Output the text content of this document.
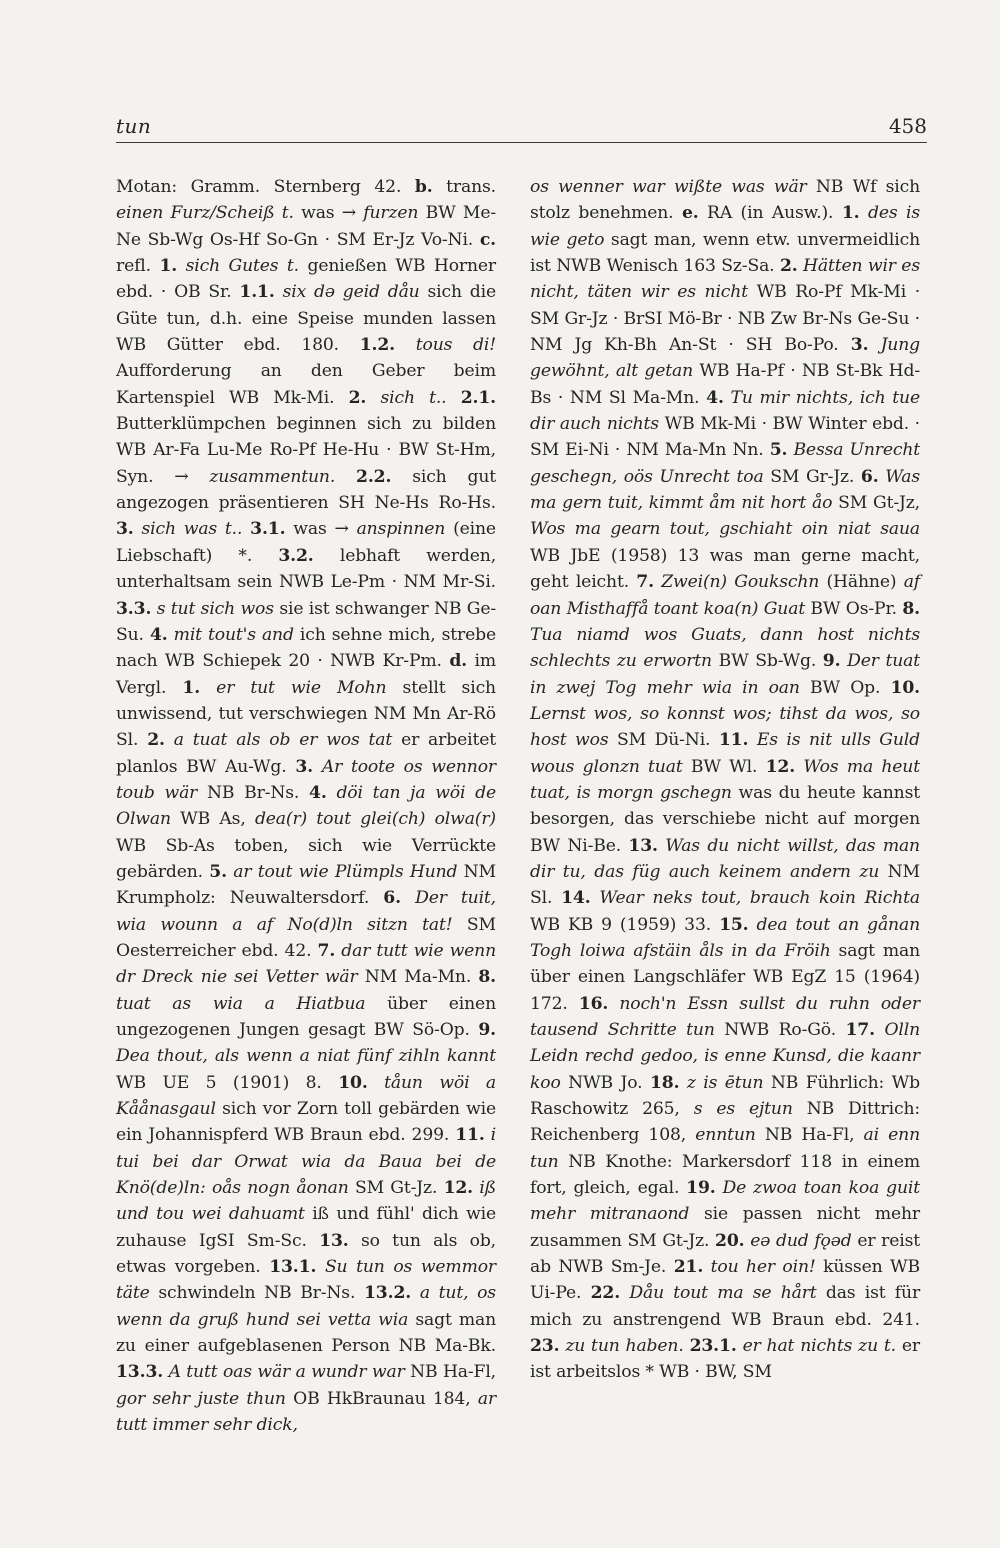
tun	458

Motan: Gramm. Sternberg 42. b. trans. einen Furz/Scheiß t. was → furzen BW Me-Ne Sb-Wg Os-Hf So-Gn · SM Er-Jz Vo-Ni. c. refl. 1. sich Gutes t. genießen WB Horner ebd. · OB Sr. 1.1. six də geid dåu sich die Güte tun, d.h. eine Speise munden lassen WB Gütter ebd. 180. 1.2. tous di! Aufforderung an den Geber beim Kartenspiel WB Mk-Mi. 2. sich t.. 2.1. Butterklümpchen beginnen sich zu bilden WB Ar-Fa Lu-Me Ro-Pf He-Hu · BW St-Hm, Syn. → zusammentun. 2.2. sich gut angezogen präsentieren SH Ne-Hs Ro-Hs. 3. sich was t.. 3.1. was → anspinnen (eine Liebschaft) *. 3.2. lebhaft werden, unterhaltsam sein NWB Le-Pm · NM Mr-Si. 3.3. s tut sich wos sie ist schwanger NB Ge-Su. 4. mit tout's and ich sehne mich, strebe nach WB Schiepek 20 · NWB Kr-Pm. d. im Vergl. 1. er tut wie Mohn stellt sich unwissend, tut verschwiegen NM Mn Ar-Rö Sl. 2. a tuat als ob er wos tat er arbeitet planlos BW Au-Wg. 3. Ar toote os wennor toub wär NB Br-Ns. 4. döi tan ja wöi de Olwan WB As, dea(r) tout glei(ch) olwa(r) WB Sb-As toben, sich wie Verrückte gebärden. 5. ar tout wie Plümpls Hund NM Krumpholz: Neuwaltersdorf. 6. Der tuit, wia wounn a af No(d)ln sitzn tat! SM Oesterreicher ebd. 42. 7. dar tutt wie wenn dr Dreck nie sei Vetter wär NM Ma-Mn. 8. tuat as wia a Hiatbua über einen ungezogenen Jungen gesagt BW Sö-Op. 9. Dea thout, als wenn a niat fünf zihln kannt WB UE 5 (1901) 8. 10. tåun wöi a Kåånasgaul sich vor Zorn toll gebärden wie ein Johannispferd WB Braun ebd. 299. 11. i tui bei dar Orwat wia da Baua bei de Knö(de)ln: oås nogn åonan SM Gt-Jz. 12. iß und tou wei dahuamt iß und fühl' dich wie zuhause IgSI Sm-Sc. 13. so tun als ob, etwas vorgeben. 13.1. Su tun os wemmor täte schwindeln NB Br-Ns. 13.2. a tut, os wenn da gruß hund sei vetta wia sagt man zu einer aufgeblasenen Person NB Ma-Bk. 13.3. A tutt oas wär a wundr war NB Ha-Fl, gor sehr juste thun OB HkBraunau 184, ar tutt immer sehr dick,

os wenner war wißte was wär NB Wf sich stolz benehmen. e. RA (in Ausw.). 1. des is wie geto sagt man, wenn etw. unvermeidlich ist NWB Wenisch 163 Sz-Sa. 2. Hätten wir es nicht, täten wir es nicht WB Ro-Pf Mk-Mi · SM Gr-Jz · BrSI Mö-Br · NB Zw Br-Ns Ge-Su · NM Jg Kh-Bh An-St · SH Bo-Po. 3. Jung gewöhnt, alt getan WB Ha-Pf · NB St-Bk Hd-Bs · NM Sl Ma-Mn. 4. Tu mir nichts, ich tue dir auch nichts WB Mk-Mi · BW Winter ebd. · SM Ei-Ni · NM Ma-Mn Nn. 5. Bessa Unrecht geschegn, oös Unrecht toa SM Gr-Jz. 6. Was ma gern tuit, kimmt åm nit hort åo SM Gt-Jz, Wos ma gearn tout, gschiaht oin niat saua WB JbE (1958) 13 was man gerne macht, geht leicht. 7. Zwei(n) Goukschn (Hähne) af oan Misthaffå toant koa(n) Guat BW Os-Pr. 8. Tua niamd wos Guats, dann host nichts schlechts zu erwortn BW Sb-Wg. 9. Der tuat in zwej Tog mehr wia in oan BW Op. 10. Lernst wos, so konnst wos; tihst da wos, so host wos SM Dü-Ni. 11. Es is nit ulls Guld wous glonzn tuat BW Wl. 12. Wos ma heut tuat, is morgn gschegn was du heute kannst besorgen, das verschiebe nicht auf morgen BW Ni-Be. 13. Was du nicht willst, das man dir tu, das füg auch keinem andern zu NM Sl. 14. Wear neks tout, brauch koin Richta WB KB 9 (1959) 33. 15. dea tout an gånan Togh loiwa afstäin åls in da Fröih sagt man über einen Langschläfer WB EgZ 15 (1964) 172. 16. noch'n Essn sullst du ruhn oder tausend Schritte tun NWB Ro-Gö. 17. Olln Leidn rechd gedoo, is enne Kunsd, die kaanr koo NWB Jo. 18. z is ētun NB Führlich: Wb Raschowitz 265, s es ejtun NB Dittrich: Reichenberg 108, enntun NB Ha-Fl, ai enn tun NB Knothe: Markersdorf 118 in einem fort, gleich, egal. 19. De zwoa toan koa guit mehr mitranaond sie passen nicht mehr zusammen SM Gt-Jz. 20. eə dud fǫəd er reist ab NWB Sm-Je. 21. tou her oin! küssen WB Ui-Pe. 22. Dåu tout ma se hårt das ist für mich zu anstrengend WB Braun ebd. 241. 23. zu tun haben. 23.1. er hat nichts zu t. er ist arbeitslos * WB · BW, SM
